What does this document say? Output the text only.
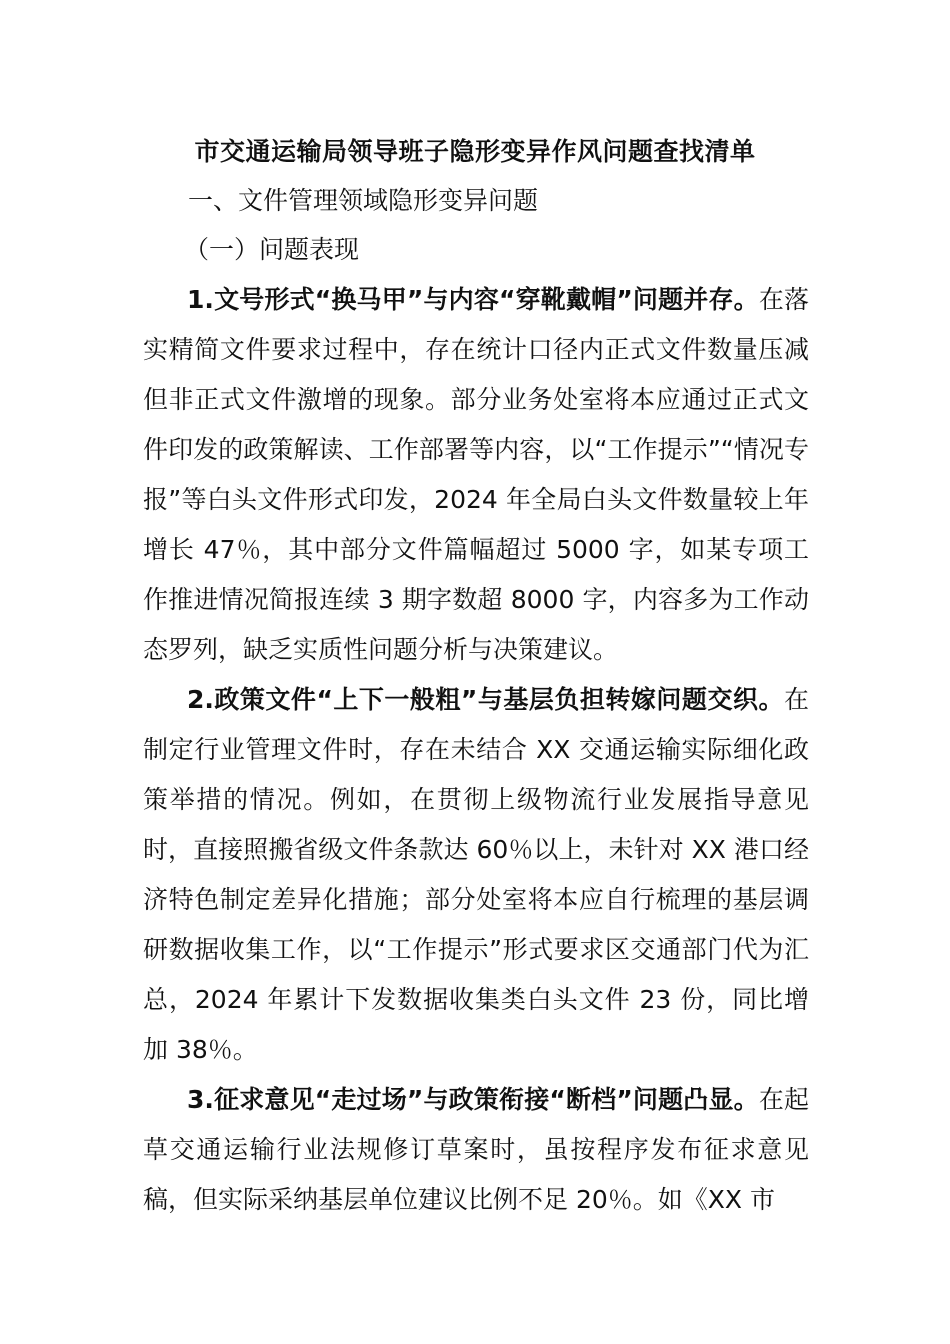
市交通运输局领导班子隐形变异作风问题查找清单
一、文件管理领域隐形变异问题
（一）问题表现

1.文号形式“换马甲”与内容“穿靴戴帽”问题并存。在落实精简文件要求过程中，存在统计口径内正式文件数量压减但非正式文件激增的现象。部分业务处室将本应通过正式文件印发的政策解读、工作部署等内容，以“工作提示”“情况专报”等白头文件形式印发，2024 年全局白头文件数量较上年增长 47％，其中部分文件篇幅超过 5000 字，如某专项工作推进情况简报连续 3 期字数超 8000 字，内容多为工作动态罗列，缺乏实质性问题分析与决策建议。

2.政策文件“上下一般粗”与基层负担转嫁问题交织。在制定行业管理文件时，存在未结合 XX 交通运输实际细化政策举措的情况。例如，在贯彻上级物流行业发展指导意见时，直接照搬省级文件条款达 60％以上，未针对 XX 港口经济特色制定差异化措施；部分处室将本应自行梳理的基层调研数据收集工作，以“工作提示”形式要求区交通部门代为汇总，2024 年累计下发数据收集类白头文件 23 份，同比增加 38％。

3.征求意见“走过场”与政策衔接“断档”问题凸显。在起草交通运输行业法规修订草案时，虽按程序发布征求意见稿，但实际采纳基层单位建议比例不足 20％。如《XX 市
